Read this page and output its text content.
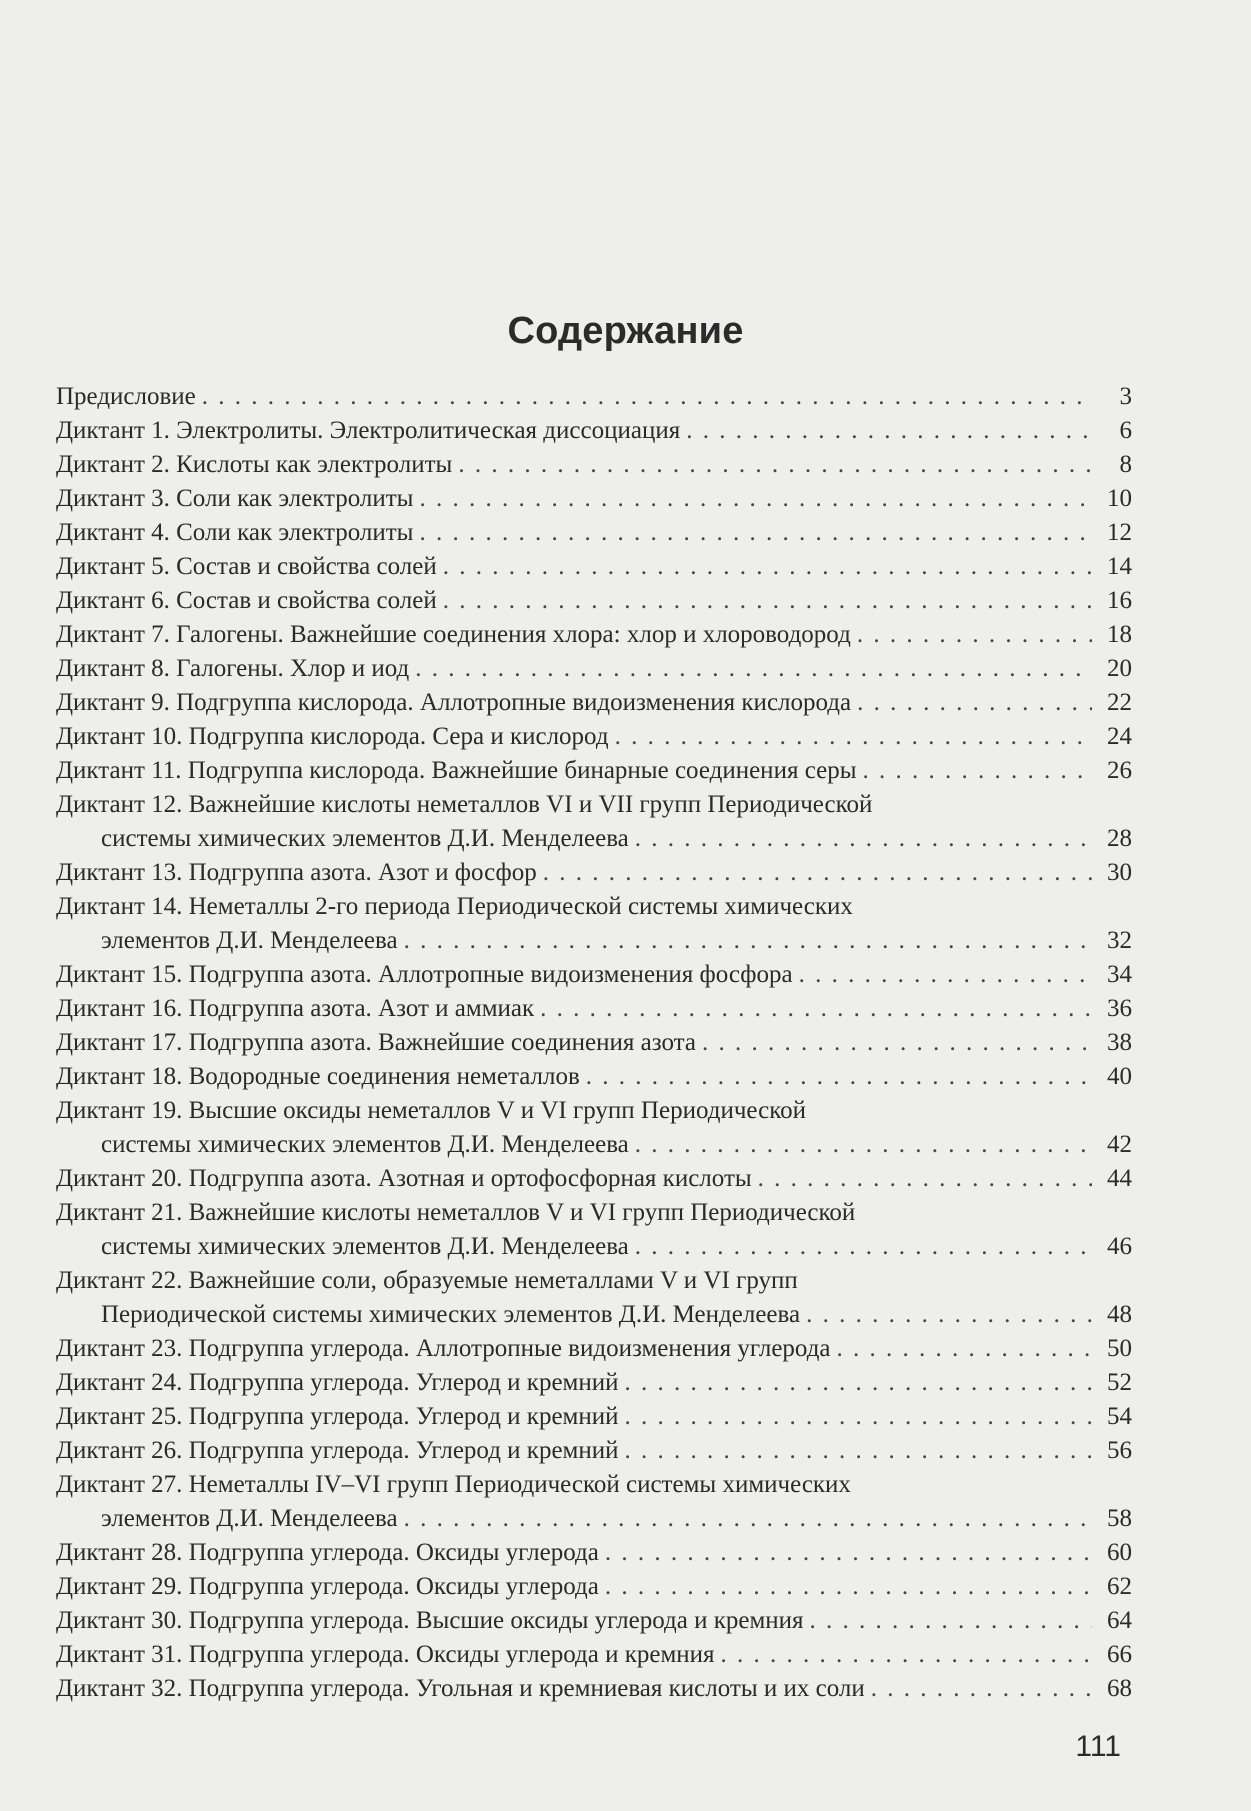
Содержание
Предисловие . . .	3
Диктант 1. Электролиты. Электролитическая диссоциация . . .	6
Диктант 2. Кислоты как электролиты . . .	8
Диктант 3. Соли как электролиты . . .	10
Диктант 4. Соли как электролиты . . .	12
Диктант 5. Состав и свойства солей . . .	14
Диктант 6. Состав и свойства солей . . .	16
Диктант 7. Галогены. Важнейшие соединения хлора: хлор и хлороводород . . .	18
Диктант 8. Галогены. Хлор и иод . . .	20
Диктант 9. Подгруппа кислорода. Аллотропные видоизменения кислорода . . .	22
Диктант 10. Подгруппа кислорода. Сера и кислород . . .	24
Диктант 11. Подгруппа кислорода. Важнейшие бинарные соединения серы . . .	26
Диктант 12. Важнейшие кислоты неметаллов VI и VII групп Периодической
системы химических элементов Д.И. Менделеева . . .	28
Диктант 13. Подгруппа азота. Азот и фосфор . . .	30
Диктант 14. Неметаллы 2-го периода Периодической системы химических
элементов Д.И. Менделеева . . .	32
Диктант 15. Подгруппа азота. Аллотропные видоизменения фосфора . . .	34
Диктант 16. Подгруппа азота. Азот и аммиак . . .	36
Диктант 17. Подгруппа азота. Важнейшие соединения азота . . .	38
Диктант 18. Водородные соединения неметаллов . . .	40
Диктант 19. Высшие оксиды неметаллов V и VI групп Периодической
системы химических элементов Д.И. Менделеева . . .	42
Диктант 20. Подгруппа азота. Азотная и ортофосфорная кислоты . . .	44
Диктант 21. Важнейшие кислоты неметаллов V и VI групп Периодической
системы химических элементов Д.И. Менделеева . . .	46
Диктант 22. Важнейшие соли, образуемые неметаллами V и VI групп
Периодической системы химических элементов Д.И. Менделеева . . .	48
Диктант 23. Подгруппа углерода. Аллотропные видоизменения углерода . . .	50
Диктант 24. Подгруппа углерода. Углерод и кремний . . .	52
Диктант 25. Подгруппа углерода. Углерод и кремний . . .	54
Диктант 26. Подгруппа углерода. Углерод и кремний . . .	56
Диктант 27. Неметаллы IV–VI групп Периодической системы химических
элементов Д.И. Менделеева . . .	58
Диктант 28. Подгруппа углерода. Оксиды углерода . . .	60
Диктант 29. Подгруппа углерода. Оксиды углерода . . .	62
Диктант 30. Подгруппа углерода. Высшие оксиды углерода и кремния . . .	64
Диктант 31. Подгруппа углерода. Оксиды углерода и кремния . . .	66
Диктант 32. Подгруппа углерода. Угольная и кремниевая кислоты и их соли . . .	68
111
